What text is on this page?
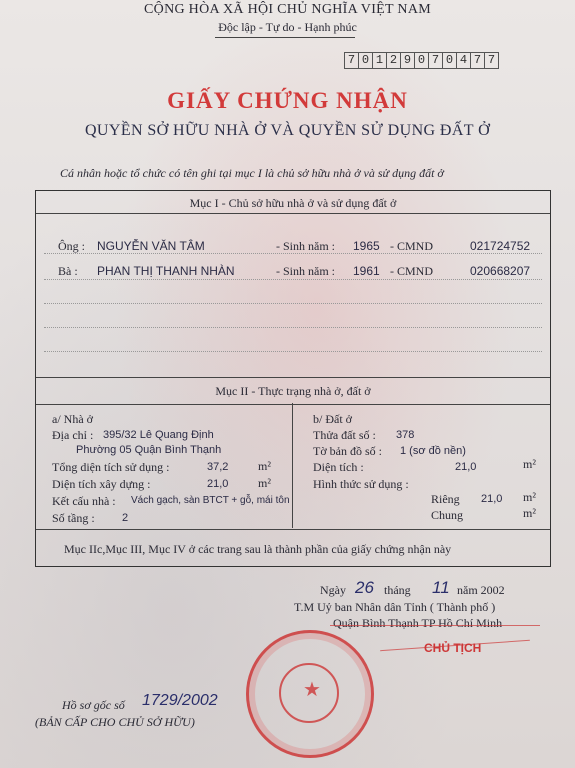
CỘNG HÒA XÃ HỘI CHỦ NGHĨA VIỆT NAM
Độc lập - Tự do - Hạnh phúc
7 0 1 2 9 0 7 0 4 7 7
GIẤY CHỨNG NHẬN
QUYỀN SỞ HỮU NHÀ Ở VÀ QUYỀN SỬ DỤNG ĐẤT Ở
Cá nhân hoặc tổ chức có tên ghi tại mục I là chủ sở hữu nhà ở và sử dụng đất ở
Mục I - Chủ sở hữu nhà ở và sử dụng đất ở
Mục II - Thực trạng nhà ở, đất ở
Mục IIc,Mục III, Mục IV ở các trang sau là thành phần của giấy chứng nhận này
Ông : NGUYỄN VĂN TÂM	- Sinh năm : 1965 - CMND	021724752
Bà : PHAN THỊ THANH NHÀN	- Sinh năm : 1961 - CMND	020668207
a/ Nhà ở
Địa chỉ : 395/32 Lê Quang Định
Phường 05 Quận Bình Thạnh
Tổng diện tích sử dụng :	37,2 m²
Diện tích xây dựng :	21,0 m²
Kết cấu nhà : Vách gạch, sàn BTCT + gỗ, mái tôn
Số tầng : 2
b/ Đất ở
Thửa đất số : 378
Tờ bản đồ số : 1 (sơ đồ nền)
Diện tích :	21,0	m²
Hình thức sử dụng :
Riêng 21,0 m²
Chung	m²
Ngày 26 tháng 11 năm 2002
T.M Uỷ ban Nhân dân Tỉnh ( Thành phố )
Quận Bình Thạnh TP Hồ Chí Minh
CHỦ TỊCH
Hồ sơ gốc số 1729/2002
(BẢN CẤP CHO CHỦ SỞ HỮU)
★
